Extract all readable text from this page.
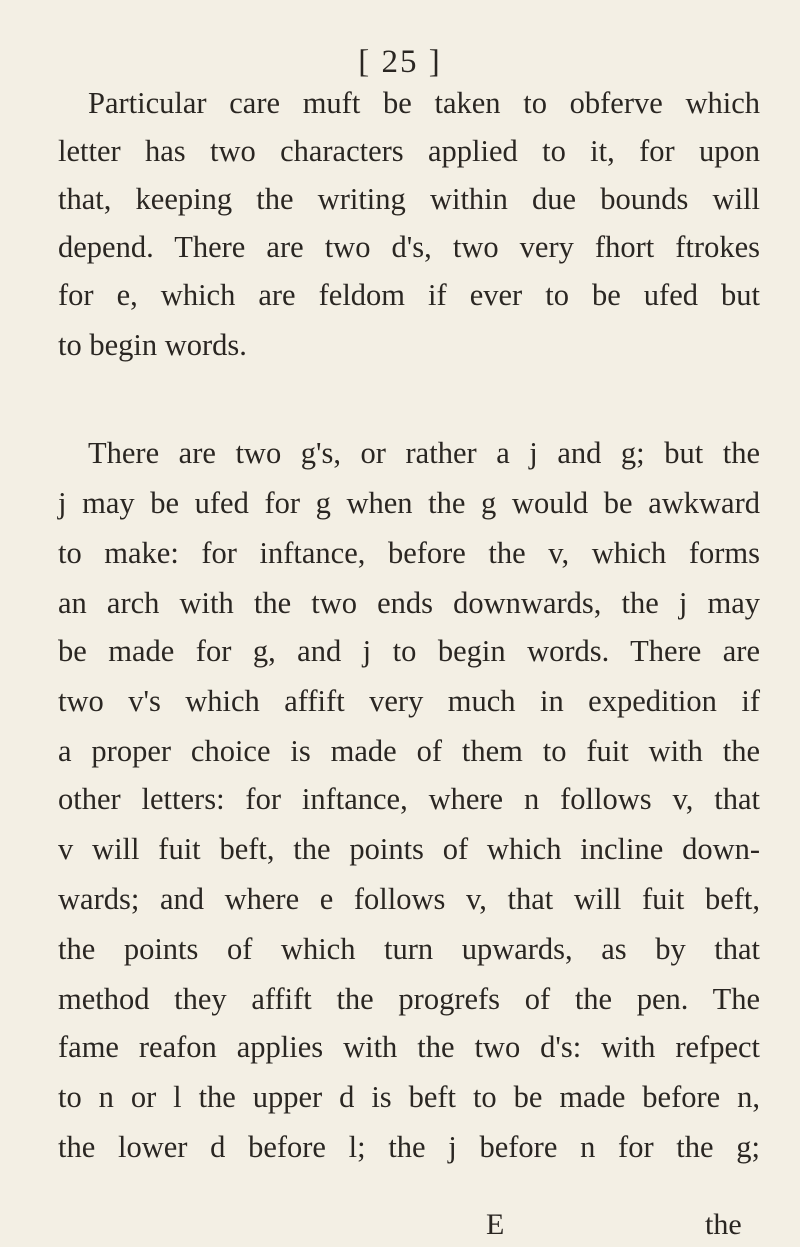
[ 25 ]
Particular care muft be taken to obferve which
letter has two characters applied to it, for upon
that, keeping the writing within due bounds will
depend. There are two d's, two very fhort ftrokes
for e, which are feldom if ever to be ufed but
to begin words.
There are two g's, or rather a j and g; but the
j may be ufed for g when the g would be awkward
to make: for inftance, before the v, which forms
an arch with the two ends downwards, the j may
be made for g, and j to begin words. There are
two v's which affift very much in expedition if
a proper choice is made of them to fuit with the
other letters: for inftance, where n follows v, that
v will fuit beft, the points of which incline down-
wards; and where e follows v, that will fuit beft,
the points of which turn upwards, as by that
method they affift the progrefs of the pen. The
fame reafon applies with the two d's: with refpect
to n or l the upper d is beft to be made before n,
the lower d before l; the j before n for the g;
E	the
